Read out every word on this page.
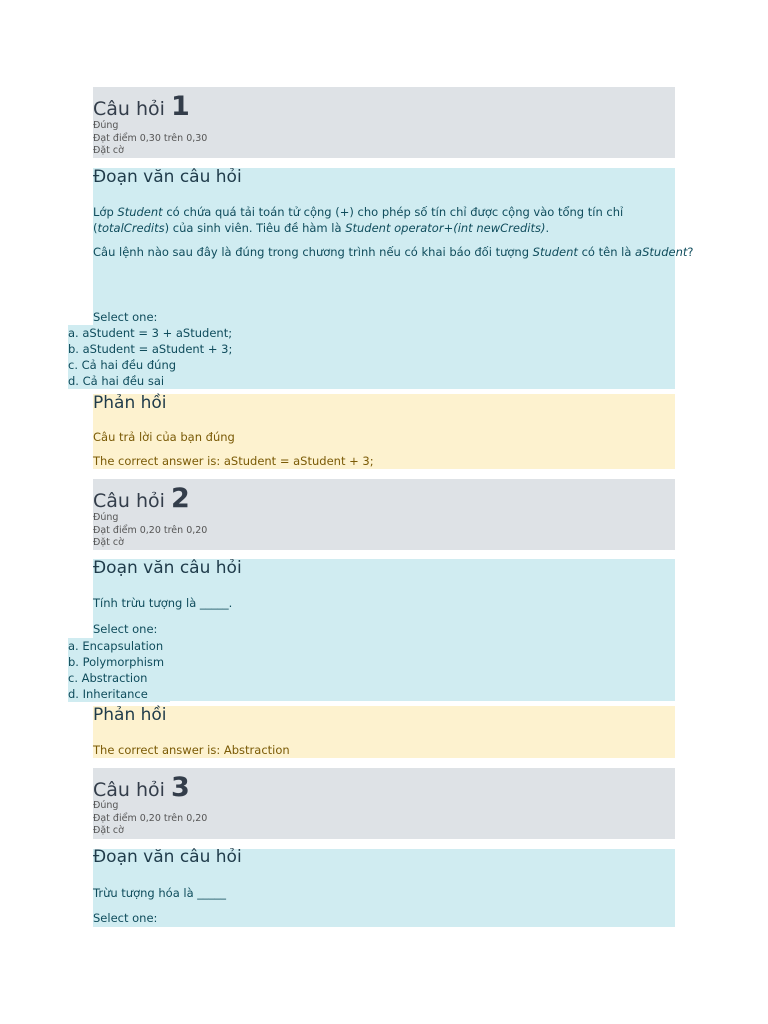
Câu hỏi 1
Đúng
Đạt điểm 0,30 trên 0,30
Đặt cờ
Đoạn văn câu hỏi
Lớp Student có chứa quá tải toán tử cộng (+) cho phép số tín chỉ được cộng vào tổng tín chỉ
(totalCredits) của sinh viên. Tiêu đề hàm là Student operator+(int newCredits).
Câu lệnh nào sau đây là đúng trong chương trình nếu có khai báo đối tượng Student có tên là aStudent?
Select one:
a. aStudent = 3 + aStudent;
b. aStudent = aStudent + 3;
c. Cả hai đều đúng
d. Cả hai đều sai
Phản hồi
Câu trả lời của bạn đúng
The correct answer is: aStudent = aStudent + 3;
Câu hỏi 2
Đúng
Đạt điểm 0,20 trên 0,20
Đặt cờ
Đoạn văn câu hỏi
Tính trừu tượng là _____.
Select one:
a. Encapsulation
b. Polymorphism
c. Abstraction
d. Inheritance
Phản hồi
The correct answer is: Abstraction
Câu hỏi 3
Đúng
Đạt điểm 0,20 trên 0,20
Đặt cờ
Đoạn văn câu hỏi
Trừu tượng hóa là _____
Select one:
